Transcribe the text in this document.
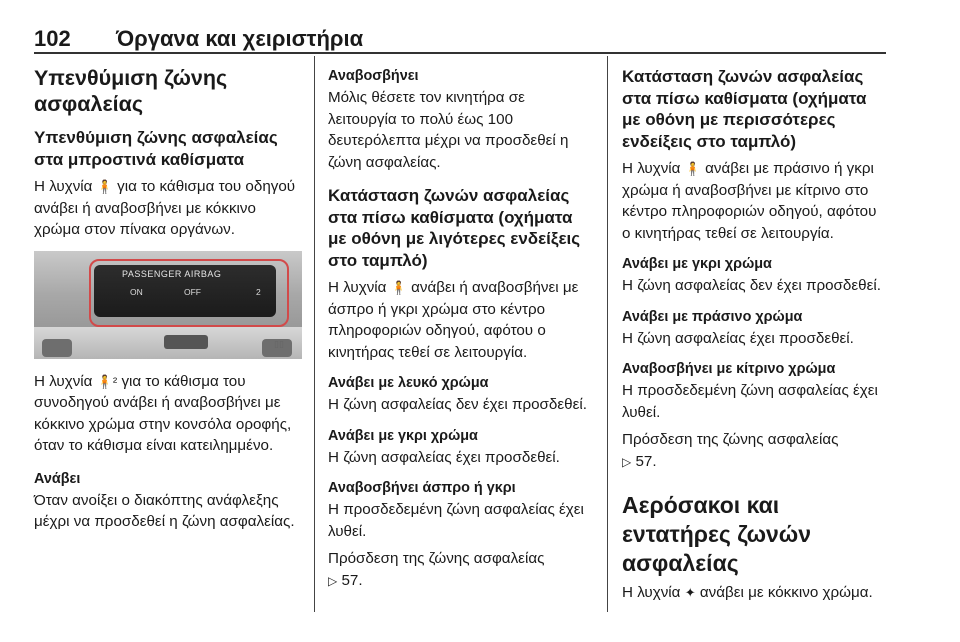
102 Όργανα και χειριστήρια
Υπενθύμιση ζώνης ασφαλείας
Υπενθύμιση ζώνης ασφαλείας στα μπροστινά καθίσματα

Η λυχνία 🧍 για το κάθισμα του οδηγού ανάβει ή αναβοσβήνει με κόκκινο χρώμα στον πίνακα οργάνων.

PASSENGER AIRBAG
ON	OFF	2
▯▯

Η λυχνία 🧍² για το κάθισμα του συνοδηγού ανάβει ή αναβοσβήνει με κόκκινο χρώμα στην κονσόλα οροφής, όταν το κάθισμα είναι κατειλημμένο.

Ανάβει

Όταν ανοίξει ο διακόπτης ανάφλεξης μέχρι να προσδεθεί η ζώνη ασφαλείας.

Αναβοσβήνει

Μόλις θέσετε τον κινητήρα σε λειτουργία το πολύ έως 100 δευτερόλεπτα μέχρι να προσδεθεί η ζώνη ασφαλείας.

Κατάσταση ζωνών ασφαλείας στα πίσω καθίσματα (οχήματα με οθόνη με λιγότερες ενδείξεις στο ταμπλό)

Η λυχνία 🧍 ανάβει ή αναβοσβήνει με άσπρο ή γκρι χρώμα στο κέντρο πληροφοριών οδηγού, αφότου ο κινητήρας τεθεί σε λειτουργία.

Ανάβει με λευκό χρώμα

Η ζώνη ασφαλείας δεν έχει προσδεθεί.

Ανάβει με γκρι χρώμα

Η ζώνη ασφαλείας έχει προσδεθεί.

Αναβοσβήνει άσπρο ή γκρι

Η προσδεδεμένη ζώνη ασφαλείας έχει λυθεί.

Πρόσδεση της ζώνης ασφαλείας

▷ 57.

Κατάσταση ζωνών ασφαλείας στα πίσω καθίσματα (οχήματα με οθόνη με περισσότερες ενδείξεις στο ταμπλό)

Η λυχνία 🧍 ανάβει με πράσινο ή γκρι χρώμα ή αναβοσβήνει με κίτρινο στο κέντρο πληροφοριών οδηγού, αφότου ο κινητήρας τεθεί σε λειτουργία.

Ανάβει με γκρι χρώμα

Η ζώνη ασφαλείας δεν έχει προσδεθεί.

Ανάβει με πράσινο χρώμα

Η ζώνη ασφαλείας έχει προσδεθεί.

Αναβοσβήνει με κίτρινο χρώμα

Η προσδεδεμένη ζώνη ασφαλείας έχει λυθεί.

Πρόσδεση της ζώνης ασφαλείας

▷ 57.

Αερόσακοι και εντατήρες ζωνών ασφαλείας

Η λυχνία ✦ ανάβει με κόκκινο χρώμα.
